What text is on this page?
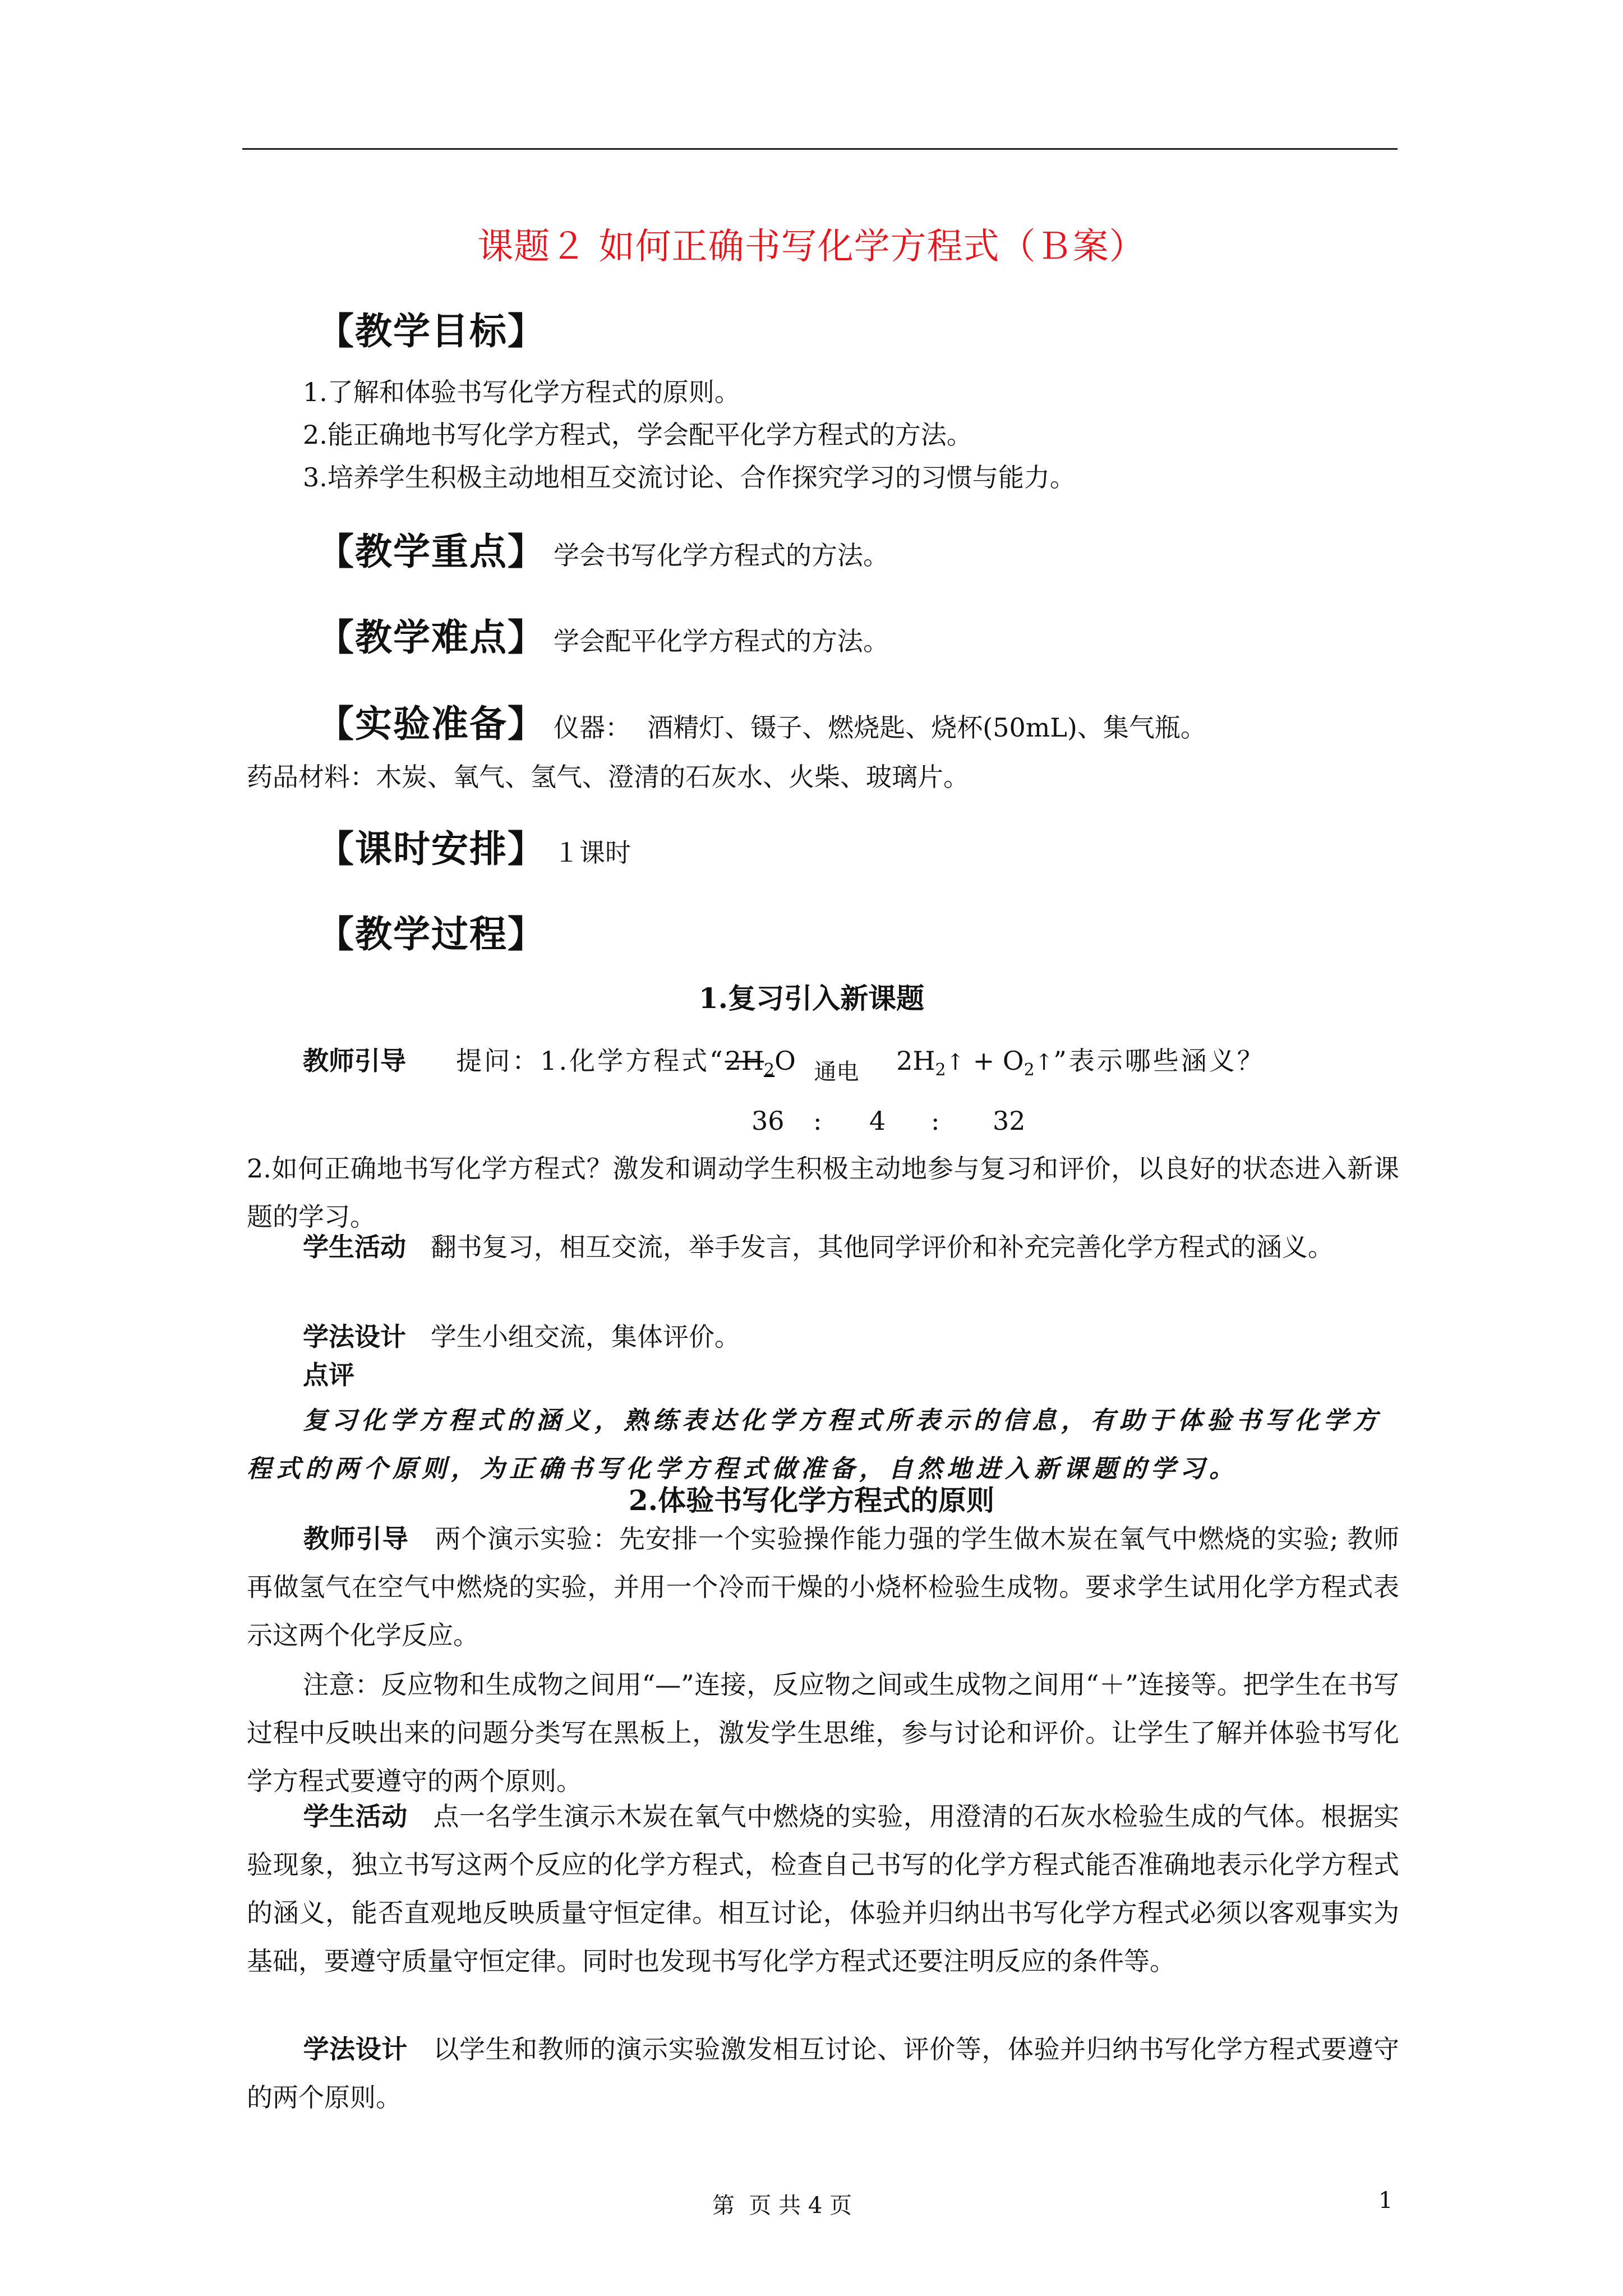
课题２ 如何正确书写化学方程式（Ｂ案）
【教学目标】
1.了解和体验书写化学方程式的原则。
2.能正确地书写化学方程式，学会配平化学方程式的方法。
3.培养学生积极主动地相互交流讨论、合作探究学习的习惯与能力。
【教学重点】 学会书写化学方程式的方法。
【教学难点】 学会配平化学方程式的方法。
【实验准备】 仪器：  酒精灯、镊子、燃烧匙、烧杯(50mL)、集气瓶。
药品材料：木炭、氧气、氢气、澄清的石灰水、火柴、玻璃片。
【课时安排】 １课时
【教学过程】
1.复习引入新课题
教师引导 提问：1.化学方程式“$2H_2O$ 通电 $2H_2↑$ + $O_2↑$”表示哪些涵义？
36 : 4 : 32
2.如何正确地书写化学方程式？激发和调动学生积极主动地参与复习和评价，以良好的状态进入新课题的学习。
学生活动 翻书复习，相互交流，举手发言，其他同学评价和补充完善化学方程式的涵义。
学法设计 学生小组交流，集体评价。
点评
复习化学方程式的涵义，熟练表达化学方程式所表示的信息，有助于体验书写化学方程式的两个原则，为正确书写化学方程式做准备，自然地进入新课题的学习。
2.体验书写化学方程式的原则
教师引导 两个演示实验：先安排一个实验操作能力强的学生做木炭在氧气中燃烧的实验; 教师再做氢气在空气中燃烧的实验，并用一个冷而干燥的小烧杯检验生成物。要求学生试用化学方程式表示这两个化学反应。
注意：反应物和生成物之间用“—”连接，反应物之间或生成物之间用“＋”连接等。把学生在书写过程中反映出来的问题分类写在黑板上，激发学生思维，参与讨论和评价。让学生了解并体验书写化学方程式要遵守的两个原则。
学生活动 点一名学生演示木炭在氧气中燃烧的实验，用澄清的石灰水检验生成的气体。根据实验现象，独立书写这两个反应的化学方程式，检查自己书写的化学方程式能否准确地表示化学方程式的涵义，能否直观地反映质量守恒定律。相互讨论，体验并归纳出书写化学方程式必须以客观事实为基础，要遵守质量守恒定律。同时也发现书写化学方程式还要注明反应的条件等。
学法设计 以学生和教师的演示实验激发相互讨论、评价等，体验并归纳书写化学方程式要遵守的两个原则。
第  页 共 4 页	1
